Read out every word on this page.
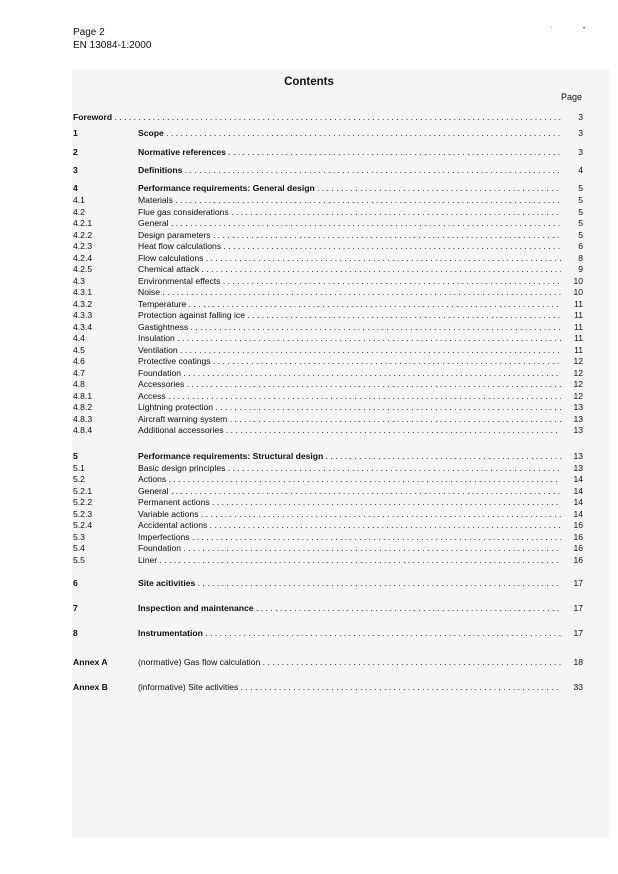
Page 2
EN 13084-1:2000
Contents
Page
Foreword . . .	3
1	Scope . . .	3
2	Normative references . . .	3
3	Definitions . . .	4
4	Performance requirements: General design . . .	5
4.1	Materials . . .	5
4.2	Flue gas considerations . . .	5
4.2.1	General . . .	5
4.2.2	Design parameters . . .	5
4.2.3	Heat flow calculations . . .	6
4.2.4	Flow calculations . . .	8
4.2.5	Chemical attack . . .	9
4.3	Environmental effects . . .	10
4.3.1	Noise . . .	10
4.3.2	Temperature . . .	11
4.3.3	Protection against falling ice . . .	11
4.3.4	Gastightness . . .	11
4.4	Insulation . . .	11
4.5	Ventilation . . .	11
4.6	Protective coatings . . .	12
4.7	Foundation . . .	12
4.8	Accessories . . .	12
4.8.1	Access . . .	12
4.8.2	Lightning protection . . .	13
4.8.3	Aircraft warning system . . .	13
4.8.4	Additional accessories . . .	13
5	Performance requirements: Structural design . . .	13
5.1	Basic design principles . . .	13
5.2	Actions . . .	14
5.2.1	General . . .	14
5.2.2	Permanent actions . . .	14
5.2.3	Variable actions . . .	14
5.2.4	Accidental actions . . .	16
5.3	Imperfections . . .	16
5.4	Foundation . . .	16
5.5	Liner . . .	16
6	Site acitivities . . .	17
7	Inspection and maintenance . . .	17
8	Instrumentation . . .	17
Annex A	(normative) Gas flow calculation . . .	18
Annex B	(informative) Site activities . . .	33
'	•
